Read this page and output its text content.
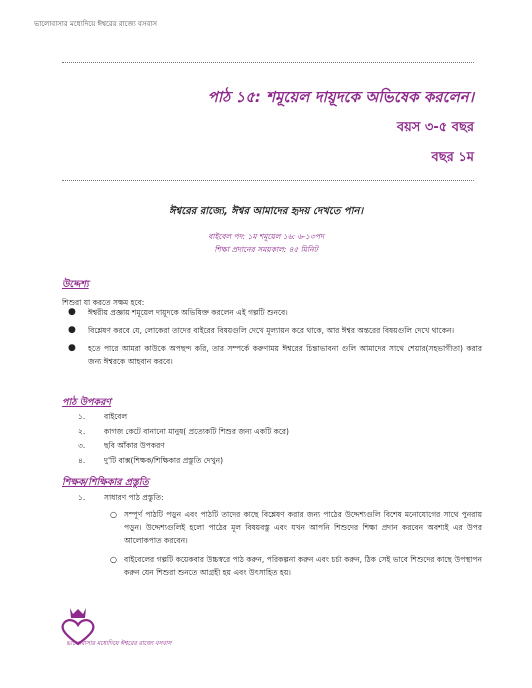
ভালোবাসার মধ্যেদিয়ে ঈশ্বরের রাজ্যে বসবাস
পাঠ ১৫: শমূয়েল দায়ূদকে অভিষেক করলেন।
বয়স ৩-৫ বছর
বছর ১ম
ঈশ্বরের রাজ্যে, ঈশ্বর আমাদের হৃদয় দেখতে পান।
বাইবেল পদ: ১ম শমূয়েল ১৬: ৬-১৩পদ
শিক্ষা প্রদানের সময়কাল: ৪৫ মিনিট
উদ্দেশ্য
শিশুরা যা করতে সক্ষম হবে:
● ঈশ্বরীয় প্রজ্ঞায় শমূয়েল দায়ূদকে অভিষিক্ত করলেন এই গল্পটি শুনবে।
● বিশ্লেষণ করবে যে, লোকেরা তাদের বাইরের বিষয়গুলি দেখে মূল্যায়ন করে থাকে, আর ঈশ্বর অন্তরের বিষয়গুলি দেখে থাকেন।
● হতে পারে আমরা কাউকে অপছন্দ করি, তার সম্পর্কে করুণাময় ঈশ্বরের চিন্তাভাবনা গুলি আমাদের সাথে শেয়ার(সহভাগীতা) করার জন্য ঈশ্বরকে আহবান করবে।
পাঠ উপকরণ
১. বাইবেল
২. কাগজ কেটে বানানো মানুষ( প্রত্যেকটি শিশুর জন্য একটি করে)
৩. ছবি আঁকার উপকরণ
৪. দু'টি বাক্স(শিক্ষক/শিক্ষিকার প্রস্তুতি দেখুন)
শিক্ষক/শিক্ষিকার প্রস্তুতি
১. সাধারণ পাঠ প্রস্তুতি:
○ সম্পূর্ণ পাঠটি পড়ুন এবং পাঠটি তাদের কাছে বিশ্লেষণ করার জন্য পাঠের উদ্দেশ্যগুলি বিশেষ মনোযোগের সাথে পুনরায় পড়ুন। উদ্দেশ্যগুলিই হলো পাঠের মূল বিষয়বস্তু এবং যখন আপনি শিশুদের শিক্ষা প্রদান করবেন অবশ্যই এর উপর আলোকপাত করবেন।
○ বাইবেলের গল্পটি কয়েকবার উচ্চস্বরে পাঠ করুন, পরিকল্পনা করুন এবং চর্চা করুন, ঠিক সেই ভাবে শিশুদের কাছে উপস্থাপন করুন যেন শিশুরা শুনতে আগ্রহী হয় এবং উৎসাহিত হয়।
ভালোবাসার মধ্যেদিয়ে ঈশ্বরের রাজ্যে বসবাস
